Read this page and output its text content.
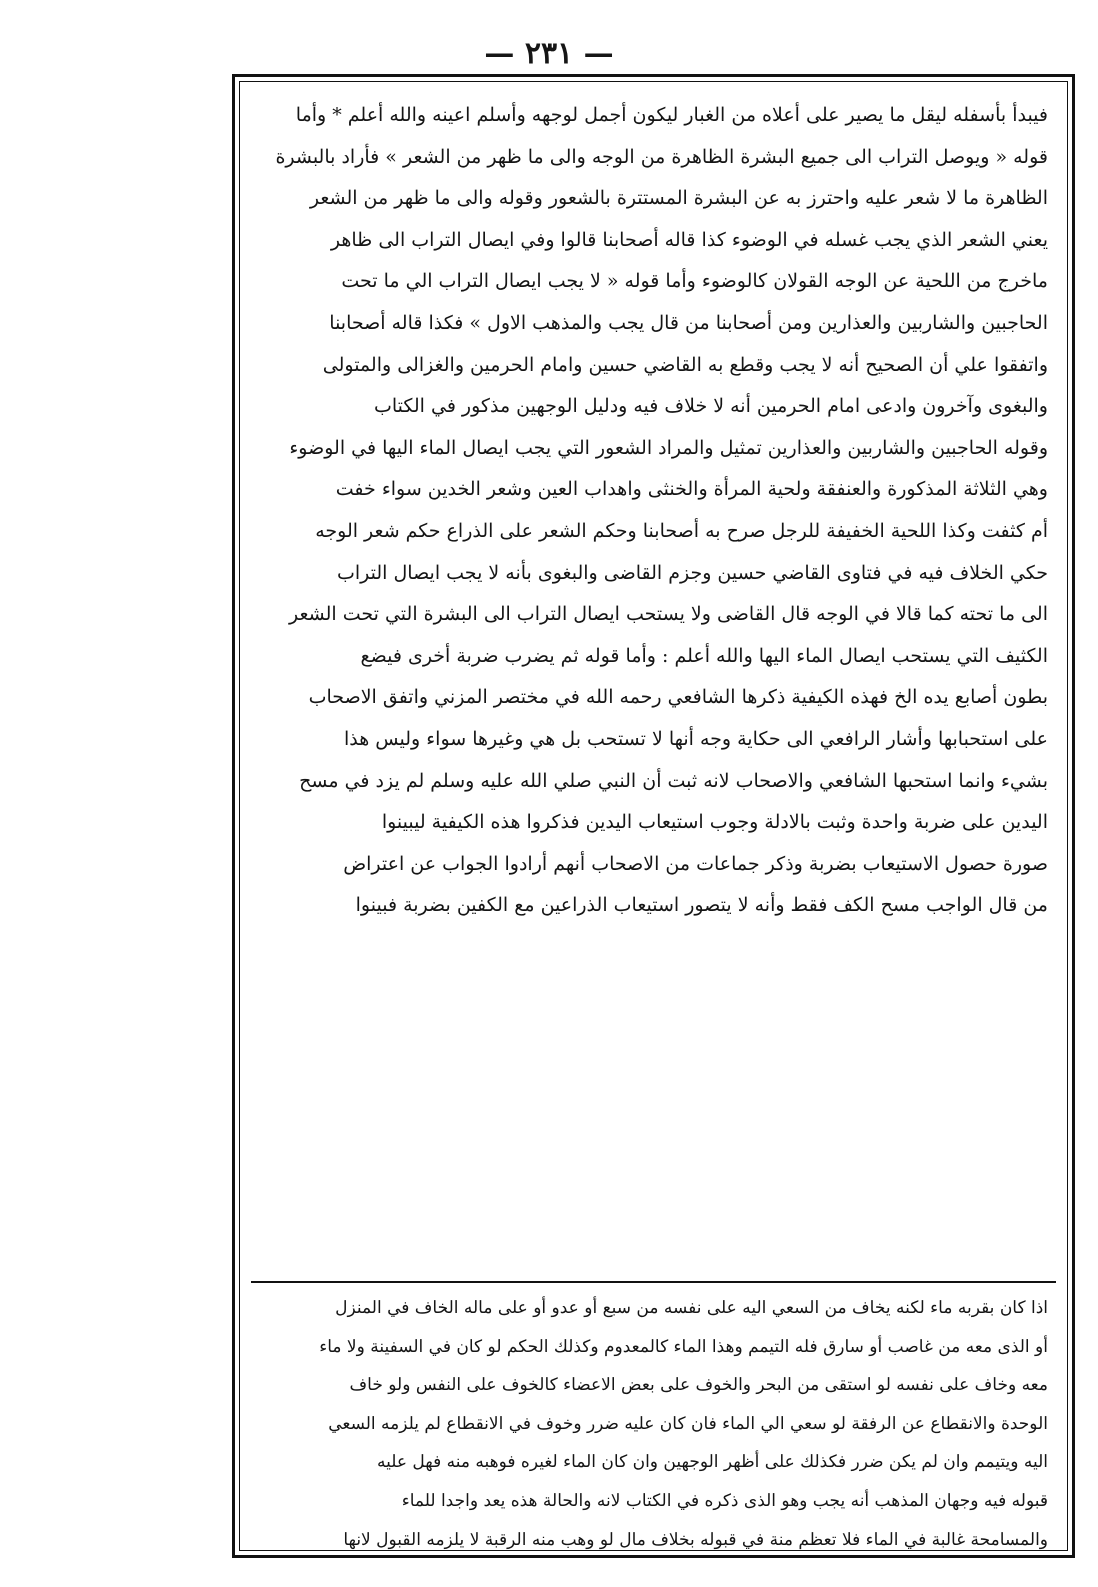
— ٢٣١ —
فيبدأ بأسفله ليقل ما يصير على أعلاه من الغبار ليكون أجمل لوجهه وأسلم اعينه والله أعلم * وأما
قوله « ويوصل التراب الى جميع البشرة الظاهرة من الوجه والى ما ظهر من الشعر » فأراد بالبشرة
الظاهرة ما لا شعر عليه واحترز به عن البشرة المستترة بالشعور وقوله والى ما ظهر من الشعر
يعني الشعر الذي يجب غسله في الوضوء كذا قاله أصحابنا قالوا وفي ايصال التراب الى ظاهر
ماخرج من اللحية عن الوجه القولان كالوضوء وأما قوله « لا يجب ايصال التراب الي ما تحت
الحاجبين والشاربين والعذارين ومن أصحابنا من قال يجب والمذهب الاول » فكذا قاله أصحابنا
واتفقوا علي أن الصحيح أنه لا يجب وقطع به القاضي حسين وامام الحرمين والغزالى والمتولى
والبغوى وآخرون وادعى امام الحرمين أنه لا خلاف فيه ودليل الوجهين مذكور في الكتاب
وقوله الحاجبين والشاربين والعذارين تمثيل والمراد الشعور التي يجب ايصال الماء اليها في الوضوء
وهي الثلاثة المذكورة والعنفقة ولحية المرأة والخنثى واهداب العين وشعر الخدين سواء خفت
أم كثفت وكذا اللحية الخفيفة للرجل صرح به أصحابنا وحكم الشعر على الذراع حكم شعر الوجه
حكي الخلاف فيه في فتاوى القاضي حسين وجزم القاضى والبغوى بأنه لا يجب ايصال التراب
الى ما تحته كما قالا في الوجه قال القاضى ولا يستحب ايصال التراب الى البشرة التي تحت الشعر
الكثيف التي يستحب ايصال الماء اليها والله أعلم : وأما قوله ثم يضرب ضربة أخرى فيضع
بطون أصابع يده الخ فهذه الكيفية ذكرها الشافعي رحمه الله في مختصر المزني واتفق الاصحاب
على استحبابها وأشار الرافعي الى حكاية وجه أنها لا تستحب بل هي وغيرها سواء وليس هذا
بشيء وانما استحبها الشافعي والاصحاب لانه ثبت أن النبي صلي الله عليه وسلم لم يزد في مسح
اليدين على ضربة واحدة وثبت بالادلة وجوب استيعاب اليدين فذكروا هذه الكيفية ليبينوا
صورة حصول الاستيعاب بضربة وذكر جماعات من الاصحاب أنهم أرادوا الجواب عن اعتراض
من قال الواجب مسح الكف فقط وأنه لا يتصور استيعاب الذراعين مع الكفين بضربة فبينوا
اذا كان بقربه ماء لكنه يخاف من السعي اليه على نفسه من سبع أو عدو أو على ماله الخاف في المنزل
أو الذى معه من غاصب أو سارق فله التيمم وهذا الماء كالمعدوم وكذلك الحكم لو كان في السفينة ولا ماء
معه وخاف على نفسه لو استقى من البحر والخوف على بعض الاعضاء كالخوف على النفس ولو خاف
الوحدة والانقطاع عن الرفقة لو سعي الي الماء فان كان عليه ضرر وخوف في الانقطاع لم يلزمه السعي
اليه ويتيمم وان لم يكن ضرر فكذلك على أظهر الوجهين وان كان الماء لغيره فوهبه منه فهل عليه
قبوله فيه وجهان المذهب أنه يجب وهو الذى ذكره في الكتاب لانه والحالة هذه يعد واجدا للماء
والمسامحة غالبة في الماء فلا تعظم منة في قبوله بخلاف مال لو وهب منه الرقبة لا يلزمه القبول لانها
